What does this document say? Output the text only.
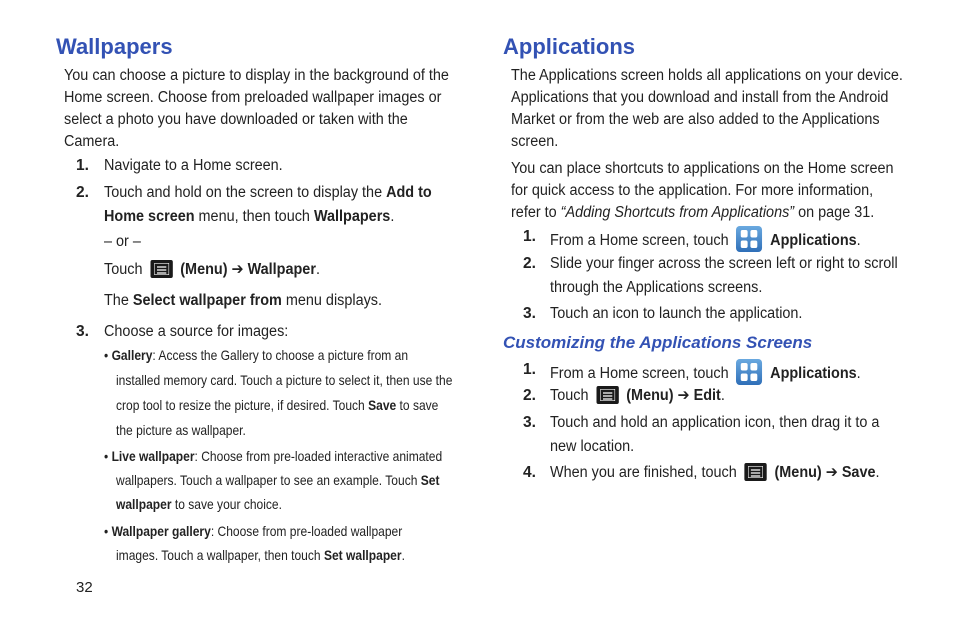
Wallpapers
You can choose a picture to display in the background of the
Home screen. Choose from preloaded wallpaper images or
select a photo you have downloaded or taken with the
Camera.
1. Navigate to a Home screen.
2. Touch and hold on the screen to display the Add to
Home screen menu, then touch Wallpapers.
– or –
Touch (Menu) ➔ Wallpaper.
The Select wallpaper from menu displays.
3. Choose a source for images:
• Gallery: Access the Gallery to choose a picture from an
installed memory card. Touch a picture to select it, then use the
crop tool to resize the picture, if desired. Touch Save to save
the picture as wallpaper.
• Live wallpaper: Choose from pre-loaded interactive animated
wallpapers. Touch a wallpaper to see an example. Touch Set
wallpaper to save your choice.
• Wallpaper gallery: Choose from pre-loaded wallpaper
images. Touch a wallpaper, then touch Set wallpaper.
32
Applications
The Applications screen holds all applications on your device.
Applications that you download and install from the Android
Market or from the web are also added to the Applications
screen.
You can place shortcuts to applications on the Home screen
for quick access to the application. For more information,
refer to “Adding Shortcuts from Applications” on page 31.
1. From a Home screen, touch	Applications.
2. Slide your finger across the screen left or right to scroll
through the Applications screens.
3. Touch an icon to launch the application.
Customizing the Applications Screens
1. From a Home screen, touch	Applications.
2. Touch (Menu) ➔ Edit.
3. Touch and hold an application icon, then drag it to a
new location.
4. When you are finished, touch (Menu) ➔ Save.
